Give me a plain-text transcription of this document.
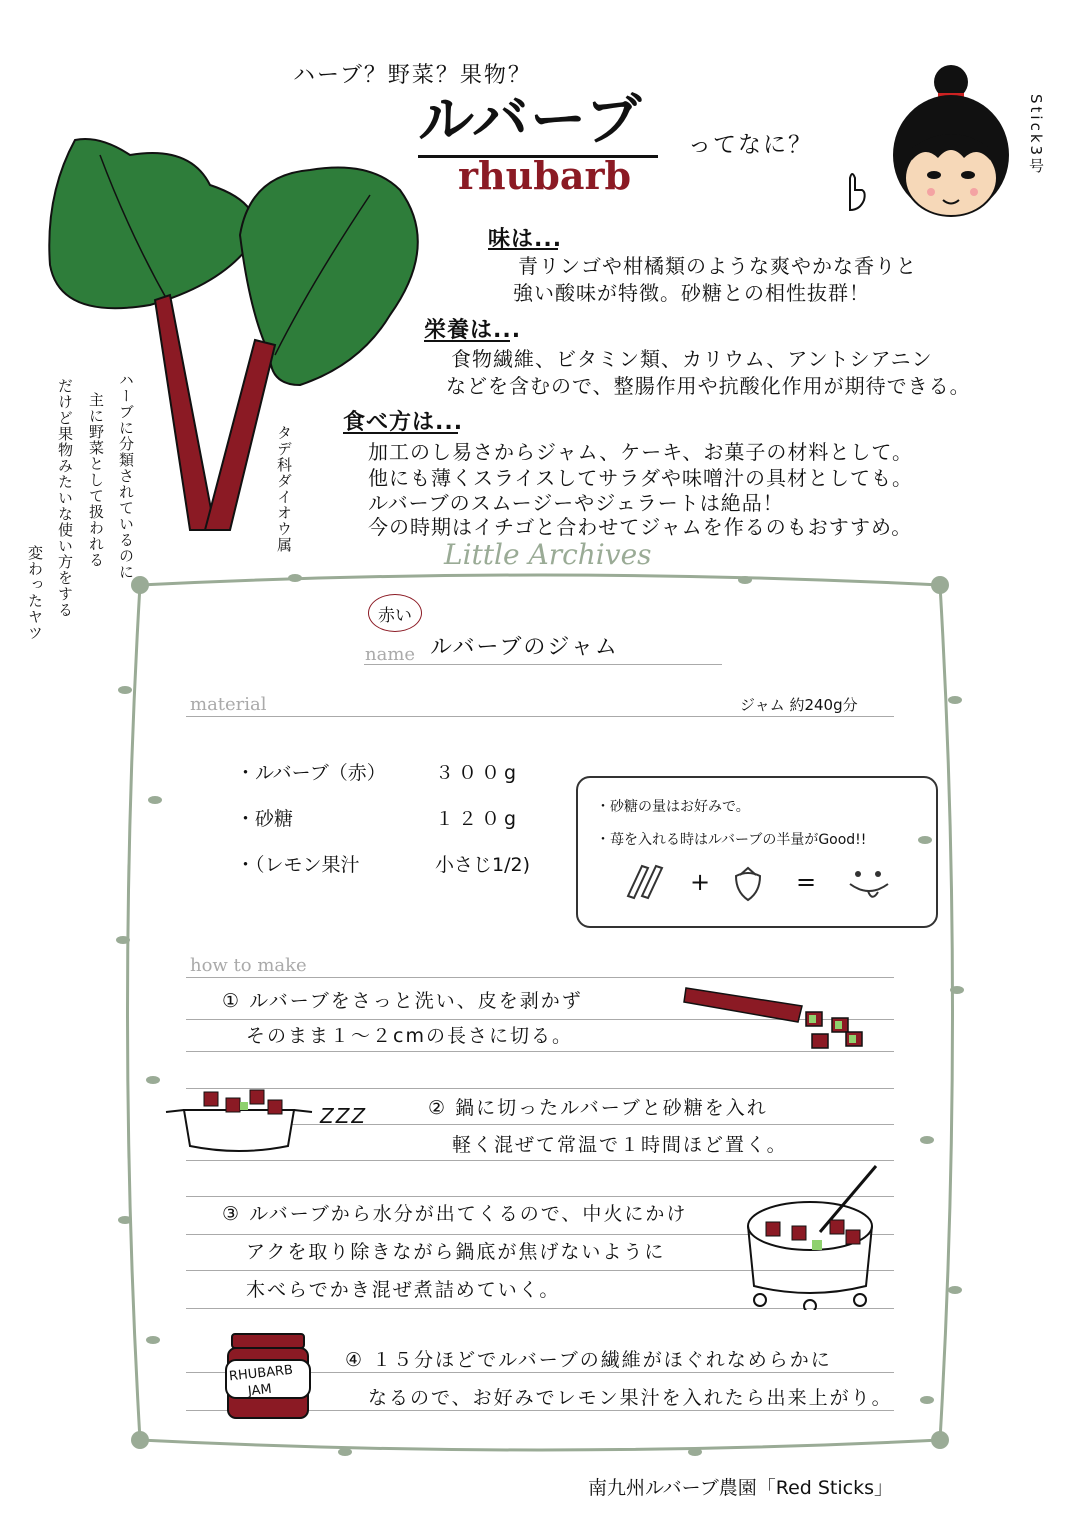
ハーブ？野菜？果物？
ルバーブ ってなに？
rhubarb	Stick3号
タデ科ダイオウ属
ハーブに分類されているのに
主に野菜として扱われる
だけど果物みたいな使い方をする
変わったヤツ
味は...
青リンゴや柑橘類のような爽やかな香りと
強い酸味が特徴。砂糖との相性抜群！
栄養は...
食物繊維、ビタミン類、カリウム、アントシアニン
などを含むので、整腸作用や抗酸化作用が期待できる。
食べ方は...
加工のし易さからジャム、ケーキ、お菓子の材料として。
他にも薄くスライスしてサラダや味噌汁の具材としても。
ルバーブのスムージーやジェラートは絶品！
今の時期はイチゴと合わせてジャムを作るのもおすすめ。
Little Archives
赤い
name ルバーブのジャム
material	ジャム 約240g分
・ルバーブ（赤）	３００g
・砂糖	１２０g
・（レモン果汁	小さじ1/2)
・砂糖の量はお好みで。
・苺を入れる時はルバーブの半量がGood!!
+	=
how to make
① ルバーブをさっと洗い、皮を剥かず
そのまま１～２cmの長さに切る。
ZZZ	② 鍋に切ったルバーブと砂糖を入れ
軽く混ぜて常温で１時間ほど置く。
③ ルバーブから水分が出てくるので、中火にかけ
アクを取り除きながら鍋底が焦げないように
木べらでかき混ぜ煮詰めていく。
RHUBARB
JAM
④ １５分ほどでルバーブの繊維がほぐれなめらかに
なるので、お好みでレモン果汁を入れたら出来上がり。
南九州ルバーブ農園「Red Sticks」
